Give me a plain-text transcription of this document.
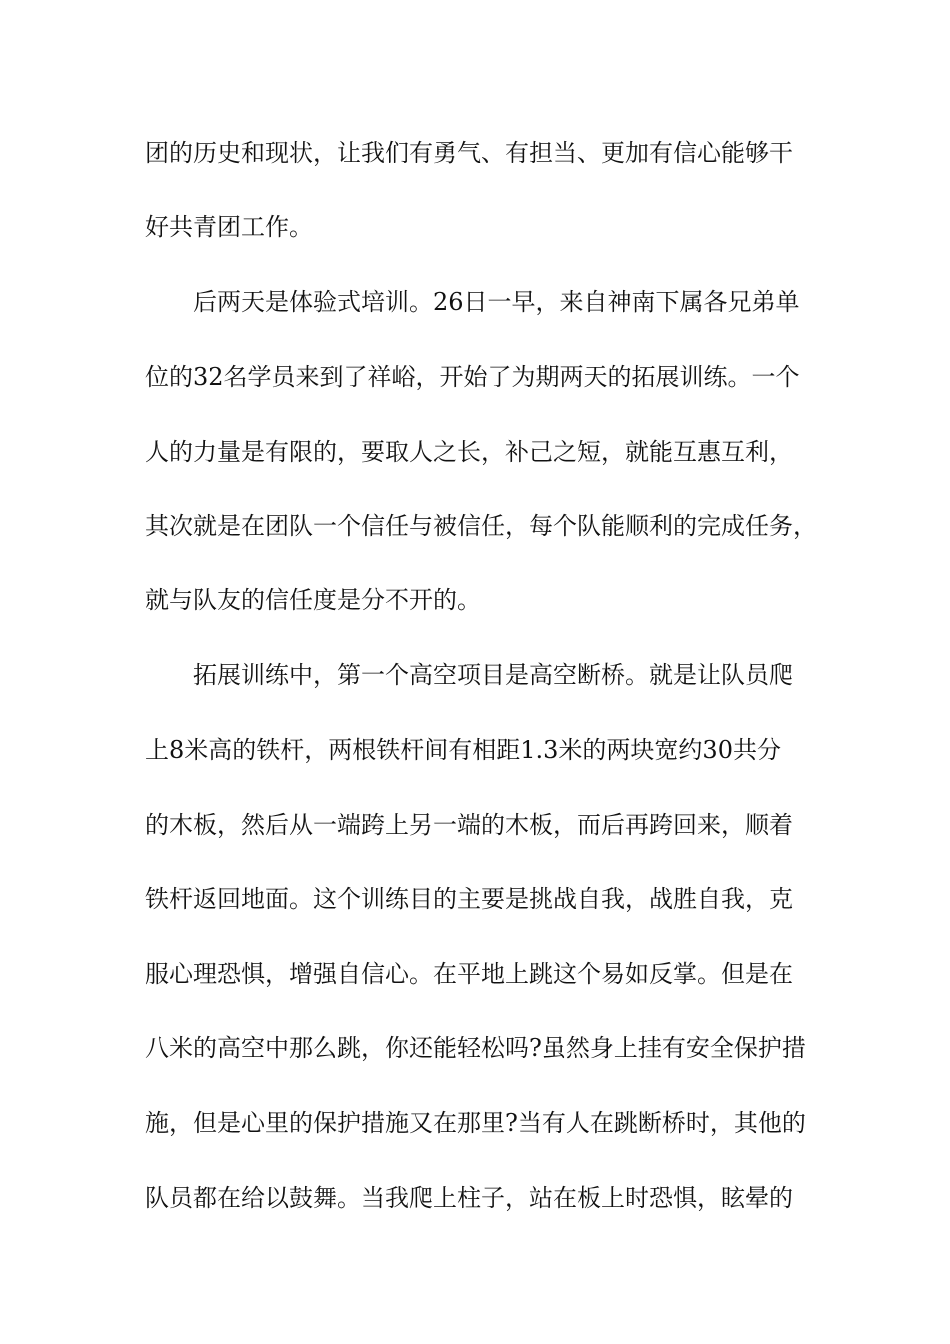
团的历史和现状，让我们有勇气、有担当、更加有信心能够干
好共青团工作。
后两天是体验式培训。26日一早，来自神南下属各兄弟单
位的32名学员来到了祥峪，开始了为期两天的拓展训练。一个
人的力量是有限的，要取人之长，补己之短，就能互惠互利，
其次就是在团队一个信任与被信任，每个队能顺利的完成任务，
就与队友的信任度是分不开的。
拓展训练中，第一个高空项目是高空断桥。就是让队员爬
上8米高的铁杆，两根铁杆间有相距1.3米的两块宽约30共分
的木板，然后从一端跨上另一端的木板，而后再跨回来，顺着
铁杆返回地面。这个训练目的主要是挑战自我，战胜自我，克
服心理恐惧，增强自信心。在平地上跳这个易如反掌。但是在
八米的高空中那么跳，你还能轻松吗?虽然身上挂有安全保护措
施，但是心里的保护措施又在那里?当有人在跳断桥时，其他的
队员都在给以鼓舞。当我爬上柱子，站在板上时恐惧，眩晕的
